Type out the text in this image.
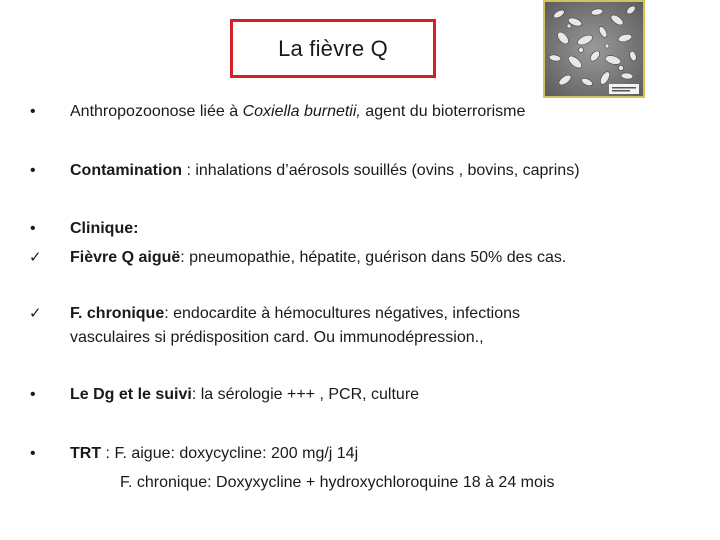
La fièvre Q
• Anthropozoonose liée à Coxiella burnetii, agent du bioterrorisme
• Contamination : inhalations d’aérosols souillés (ovins , bovins, caprins)
• Clinique:
✓ Fièvre Q aiguë: pneumopathie, hépatite, guérison dans 50% des cas.
✓ F. chronique: endocardite à hémocultures négatives, infections
vasculaires si prédisposition card. Ou immunodépression.,
• Le Dg et le suivi: la sérologie +++ , PCR, culture
• TRT : F. aigue: doxycycline: 200 mg/j 14j
F. chronique: Doxyxycline + hydroxychloroquine 18 à 24 mois
